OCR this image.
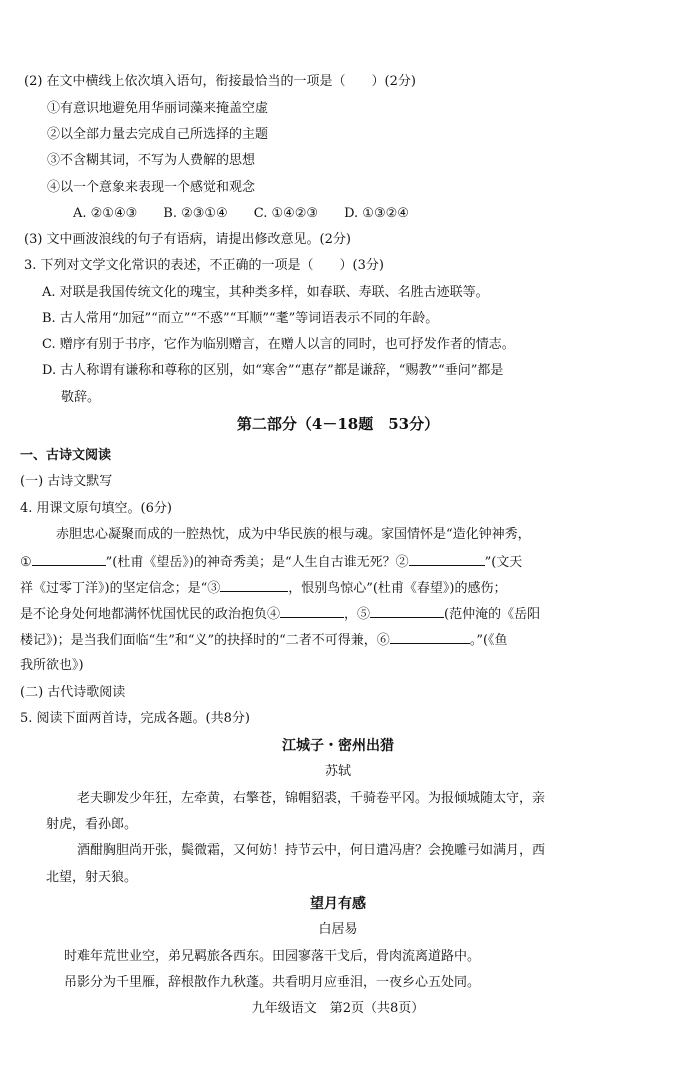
(2) 在文中横线上依次填入语句，衔接最恰当的一项是（　　）(2分)
①有意识地避免用华丽词藻来掩盖空虚
②以全部力量去完成自己所选择的主题
③不含糊其词，不写为人费解的思想
④以一个意象来表现一个感觉和观念
A. ②①④③　　B. ②③①④　　C. ①④②③　　D. ①③②④
(3) 文中画波浪线的句子有语病，请提出修改意见。(2分)
3. 下列对文学文化常识的表述，不正确的一项是（　　）(3分)
A. 对联是我国传统文化的瑰宝，其种类多样，如春联、寿联、名胜古迹联等。
B. 古人常用“加冠”“而立”“不惑”“耳顺”“耄”等词语表示不同的年龄。
C. 赠序有别于书序，它作为临别赠言，在赠人以言的同时，也可抒发作者的情志。
D. 古人称谓有谦称和尊称的区别，如“寒舍”“惠存”都是谦辞，“赐教”“垂问”都是
敬辞。
第二部分（4－18题　53分）
一、古诗文阅读
(一) 古诗文默写
4. 用课文原句填空。(6分)
赤胆忠心凝聚而成的一腔热忱，成为中华民族的根与魂。家国情怀是“造化钟神秀，
①	”(杜甫《望岳》)的神奇秀美；是“人生自古谁无死？②	”(文天
祥《过零丁洋》)的坚定信念；是“③	，恨别鸟惊心”(杜甫《春望》)的感伤；
是不论身处何地都满怀忧国忧民的政治抱负④	，⑤	(范仲淹的《岳阳
楼记》)；是当我们面临“生”和“义”的抉择时的“二者不可得兼，⑥	。”(《鱼
我所欲也》)
(二) 古代诗歌阅读
5. 阅读下面两首诗，完成各题。(共8分)
江城子・密州出猎
苏轼
老夫聊发少年狂，左牵黄，右擎苍，锦帽貂裘，千骑卷平冈。为报倾城随太守，亲
射虎，看孙郎。
酒酣胸胆尚开张，鬓微霜，又何妨！持节云中，何日遣冯唐？会挽雕弓如满月，西
北望，射天狼。
望月有感
白居易
时难年荒世业空，弟兄羁旅各西东。田园寥落干戈后，骨肉流离道路中。
吊影分为千里雁，辞根散作九秋蓬。共看明月应垂泪，一夜乡心五处同。
九年级语文　第2页（共8页）
